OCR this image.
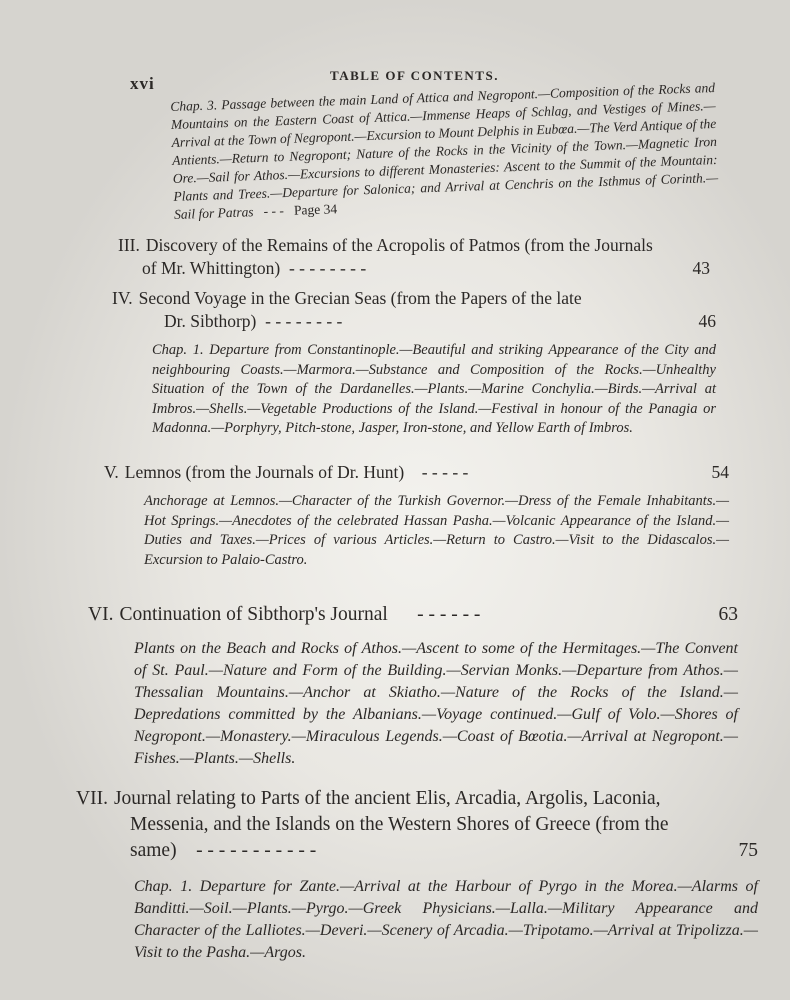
xvi	TABLE OF CONTENTS.

Chap. 3. Passage between the main Land of Attica and Negropont.—Composition of the Rocks and Mountains on the Eastern Coast of Attica.—Immense Heaps of Schlag, and Vestiges of Mines.—Arrival at the Town of Negropont.—Excursion to Mount Delphis in Eubœa.—The Verd Antique of the Antients.—Return to Negropont; Nature of the Rocks in the Vicinity of the Town.—Magnetic Iron Ore.—Sail for Athos.—Excursions to different Monasteries: Ascent to the Summit of the Mountain: Plants and Trees.—Departure for Salonica; and Arrival at Cenchris on the Isthmus of Corinth.—Sail for Patras - - - Page 34

III. Discovery of the Remains of the Acropolis of Patmos (from the Journals
of Mr. Whittington) - - - - - - - -	43

IV. Second Voyage in the Grecian Seas (from the Papers of the late
Dr. Sibthorp) - - - - - - - -	46

Chap. 1. Departure from Constantinople.—Beautiful and striking Appearance of the City and neighbouring Coasts.—Marmora.—Substance and Composition of the Rocks.—Unhealthy Situation of the Town of the Dardanelles.—Plants.—Marine Conchylia.—Birds.—Arrival at Imbros.—Shells.—Vegetable Productions of the Island.—Festival in honour of the Panagia or Madonna.—Porphyry, Pitch-stone, Jasper, Iron-stone, and Yellow Earth of Imbros.

V. Lemnos (from the Journals of Dr. Hunt) - - - - -	54

Anchorage at Lemnos.—Character of the Turkish Governor.—Dress of the Female Inhabitants.—Hot Springs.—Anecdotes of the celebrated Hassan Pasha.—Volcanic Appearance of the Island.—Duties and Taxes.—Prices of various Articles.—Return to Castro.—Visit to the Didascalos.—Excursion to Palaio-Castro.

VI. Continuation of Sibthorp's Journal - - - - - -	63

Plants on the Beach and Rocks of Athos.—Ascent to some of the Hermitages.—The Convent of St. Paul.—Nature and Form of the Building.—Servian Monks.—Departure from Athos.—Thessalian Mountains.—Anchor at Skiatho.—Nature of the Rocks of the Island.—Depredations committed by the Albanians.—Voyage continued.—Gulf of Volo.—Shores of Negropont.—Monastery.—Miraculous Legends.—Coast of Bœotia.—Arrival at Negropont.—Fishes.—Plants.—Shells.

VII. Journal relating to Parts of the ancient Elis, Arcadia, Argolis, Laconia,
Messenia, and the Islands on the Western Shores of Greece (from the
same) - - - - - - - - - - -	75

Chap. 1. Departure for Zante.—Arrival at the Harbour of Pyrgo in the Morea.—Alarms of Banditti.—Soil.—Plants.—Pyrgo.—Greek Physicians.—Lalla.—Military Appearance and Character of the Lalliotes.—Deveri.—Scenery of Arcadia.—Tripotamo.—Arrival at Tripolizza.—Visit to the Pasha.—Argos.
